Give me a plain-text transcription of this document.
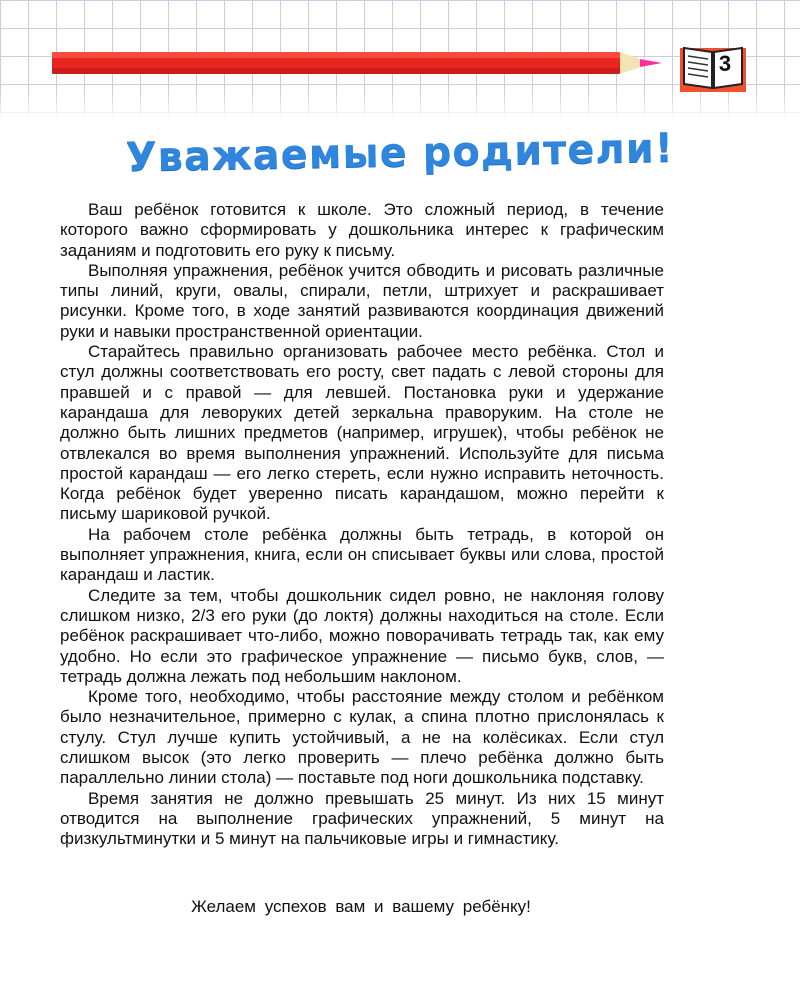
3
Уважаемые родители!

Ваш ребёнок готовится к школе. Это сложный период, в течение которого важно сформировать у дошкольника интерес к графическим заданиям и подготовить его руку к письму.

Выполняя упражнения, ребёнок учится обводить и рисовать различные типы линий, круги, овалы, спирали, петли, штрихует и раскрашивает рисунки. Кроме того, в ходе занятий развиваются координация движений руки и навыки пространственной ориентации.

Старайтесь правильно организовать рабочее место ребёнка. Стол и стул должны соответствовать его росту, свет падать с левой стороны для правшей и с правой — для левшей. Постановка руки и удержание карандаша для леворуких детей зеркальна праворуким. На столе не должно быть лишних предметов (например, игрушек), чтобы ребёнок не отвлекался во время выполнения упражнений. Используйте для письма простой карандаш — его легко стереть, если нужно исправить неточность. Когда ребёнок будет уверенно писать карандашом, можно перейти к письму шариковой ручкой.

На рабочем столе ребёнка должны быть тетрадь, в которой он выполняет упражнения, книга, если он списывает буквы или слова, простой карандаш и ластик.

Следите за тем, чтобы дошкольник сидел ровно, не наклоняя голову слишком низко, 2/3 его руки (до локтя) должны находиться на столе. Если ребёнок раскрашивает что-либо, можно поворачивать тетрадь так, как ему удобно. Но если это графическое упражнение — письмо букв, слов, — тетрадь должна лежать под небольшим наклоном.

Кроме того, необходимо, чтобы расстояние между столом и ребёнком было незначительное, примерно с кулак, а спина плотно прислонялась к стулу. Стул лучше купить устойчивый, а не на колёсиках. Если стул слишком высок (это легко проверить — плечо ребёнка должно быть параллельно линии стола) — поставьте под ноги дошкольника подставку.

Время занятия не должно превышать 25 минут. Из них 15 минут отводится на выполнение графических упражнений, 5 минут на физкультминутки и 5 минут на пальчиковые игры и гимнастику.

Желаем успехов вам и вашему ребёнку!
